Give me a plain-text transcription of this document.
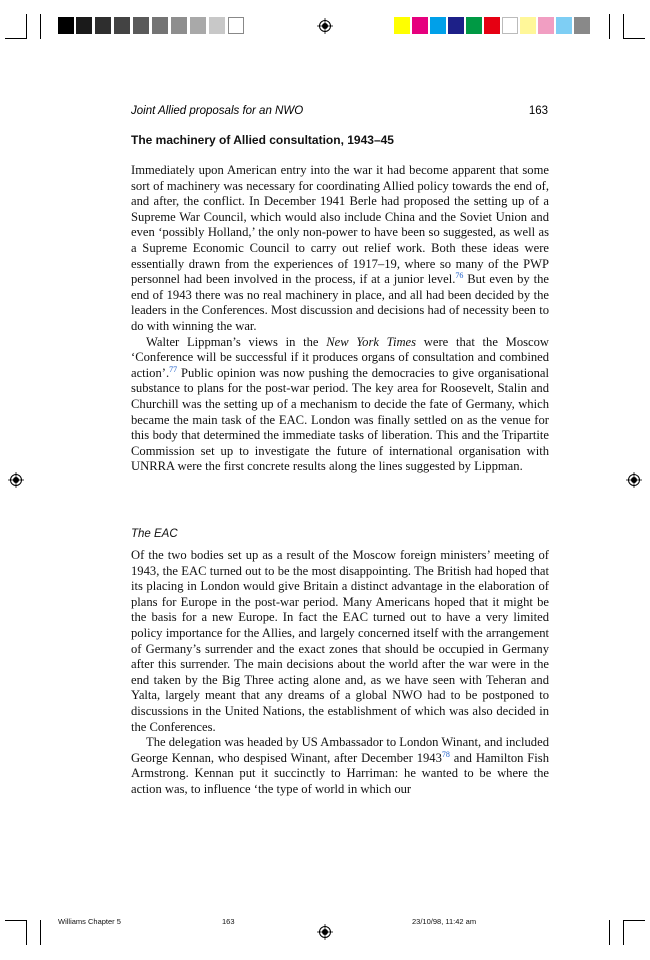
Joint Allied proposals for an NWO	163
The machinery of Allied consultation, 1943–45

Immediately upon American entry into the war it had become apparent that some sort of machinery was necessary for coordinating Allied policy towards the end of, and after, the conflict. In December 1941 Berle had proposed the setting up of a Supreme War Council, which would also include China and the Soviet Union and even ‘possibly Holland,’ the only non-power to have been so suggested, as well as a Supreme Economic Council to carry out relief work. Both these ideas were essentially drawn from the experiences of 1917–19, where so many of the PWP personnel had been involved in the process, if at a junior level.$^{76}$ But even by the end of 1943 there was no real machinery in place, and all had been decided by the leaders in the Conferences. Most discussion and decisions had of necessity been to do with winning the war.

Walter Lippman’s views in the New York Times were that the Moscow ‘Conference will be successful if it produces organs of consultation and combined action’.$^{77}$ Public opinion was now pushing the democracies to give organisational substance to plans for the post-war period. The key area for Roosevelt, Stalin and Churchill was the setting up of a mechanism to decide the fate of Germany, which became the main task of the EAC. London was finally settled on as the venue for this body that determined the immediate tasks of liberation. This and the Tripartite Commission set up to investigate the future of international organisation with UNRRA were the first concrete results along the lines suggested by Lippman.

The EAC

Of the two bodies set up as a result of the Moscow foreign ministers’ meeting of 1943, the EAC turned out to be the most disappointing. The British had hoped that its placing in London would give Britain a distinct advantage in the elaboration of plans for Europe in the post-war period. Many Americans hoped that it might be the basis for a new Europe. In fact the EAC turned out to have a very limited policy importance for the Allies, and largely concerned itself with the arrangement of Germany’s surrender and the exact zones that should be occupied in Germany after this surrender. The main decisions about the world after the war were in the end taken by the Big Three acting alone and, as we have seen with Teheran and Yalta, largely meant that any dreams of a global NWO had to be postponed to discussions in the United Nations, the establishment of which was also decided in the Conferences.

The delegation was headed by US Ambassador to London Winant, and included George Kennan, who despised Winant, after December 1943$^{78}$ and Hamilton Fish Armstrong. Kennan put it succinctly to Harriman: he wanted to be where the action was, to influence ‘the type of world in which our

Williams Chapter 5	163	23/10/98, 11:42 am
